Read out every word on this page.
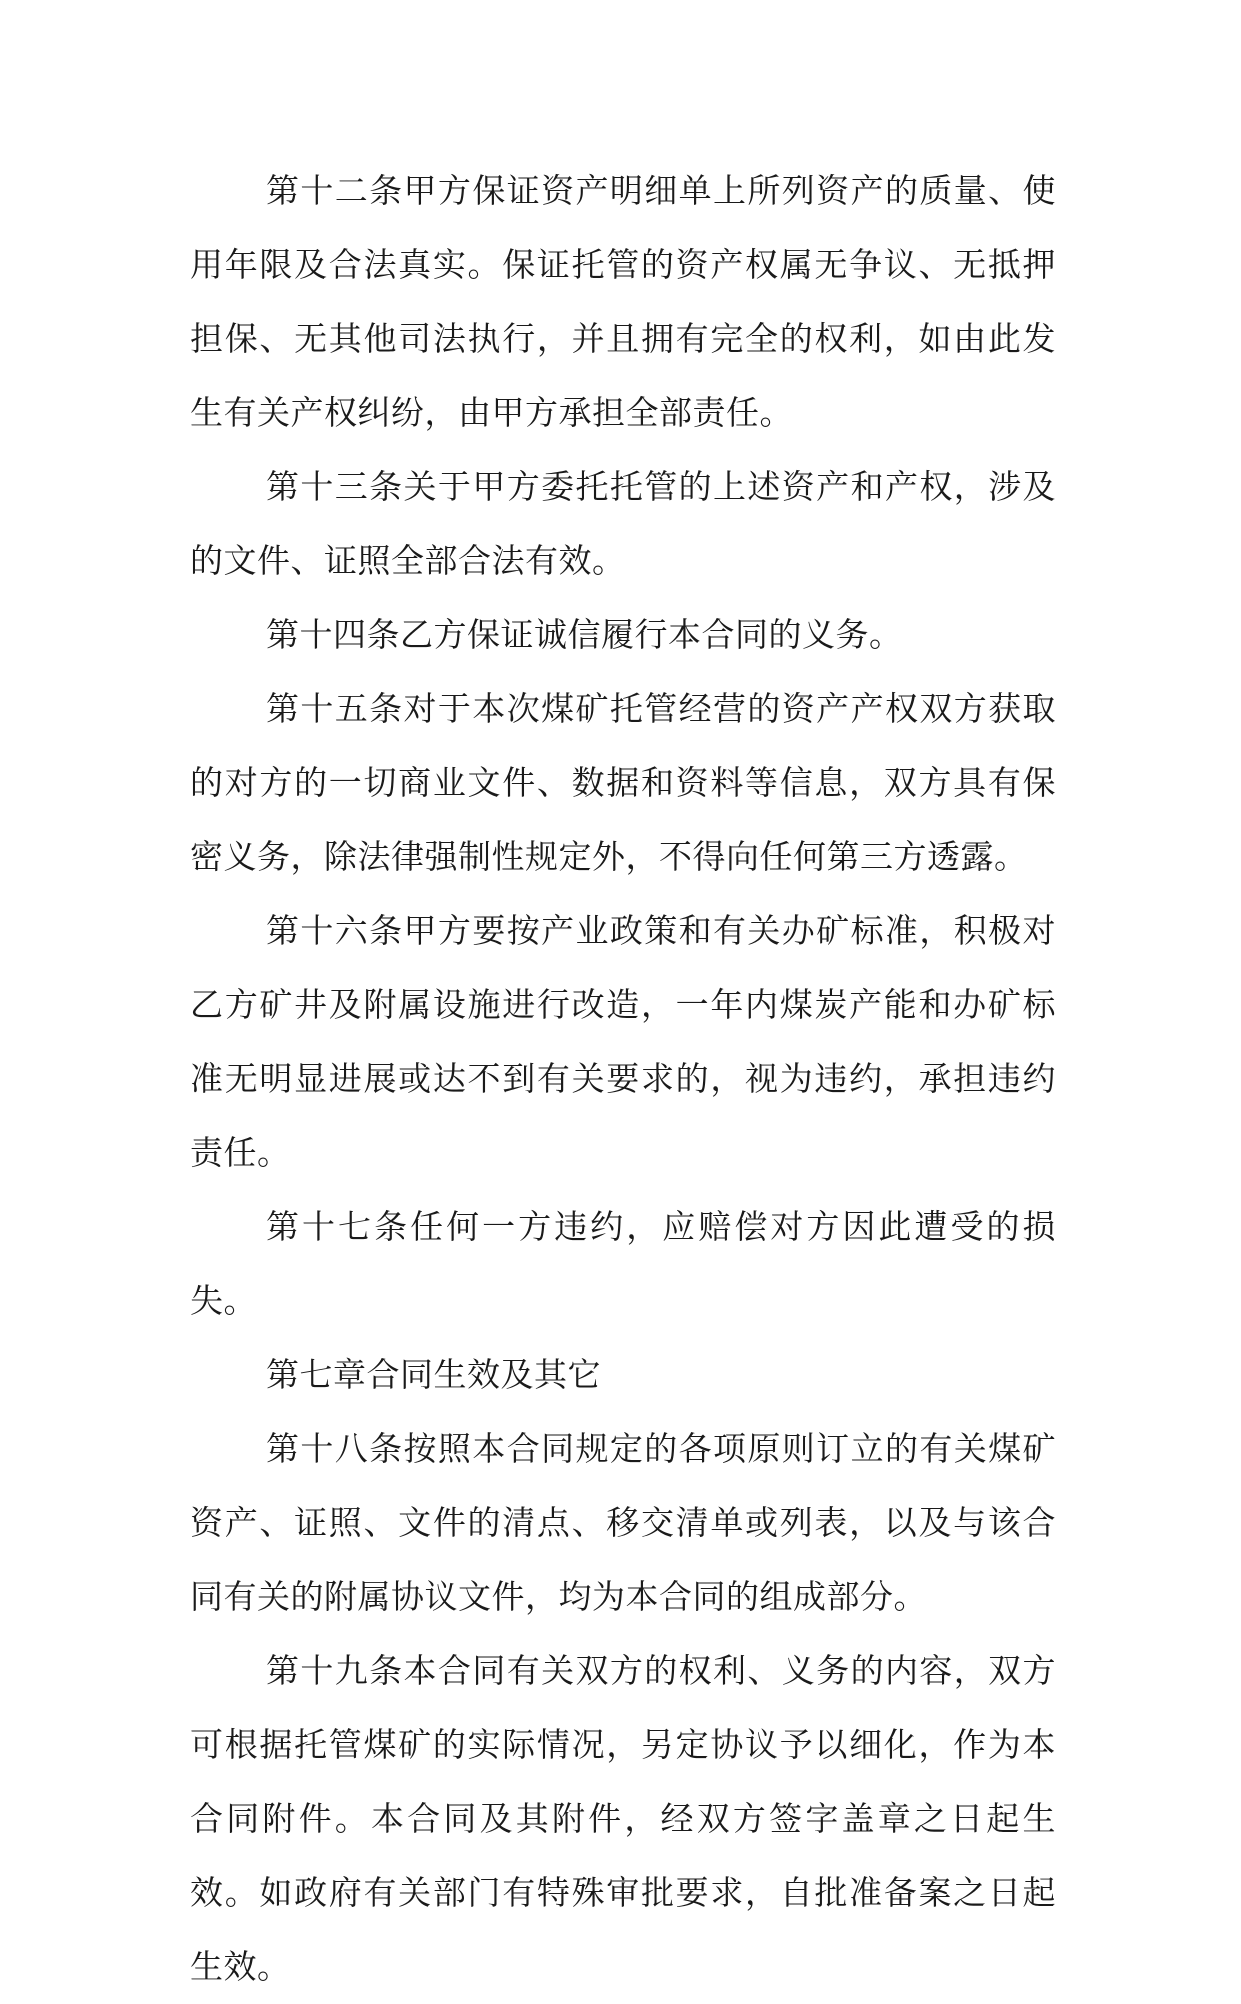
第十二条甲方保证资产明细单上所列资产的质量、使用年限及合法真实。保证托管的资产权属无争议、无抵押担保、无其他司法执行，并且拥有完全的权利，如由此发生有关产权纠纷，由甲方承担全部责任。

第十三条关于甲方委托托管的上述资产和产权，涉及的文件、证照全部合法有效。

第十四条乙方保证诚信履行本合同的义务。

第十五条对于本次煤矿托管经营的资产产权双方获取的对方的一切商业文件、数据和资料等信息，双方具有保密义务，除法律强制性规定外，不得向任何第三方透露。

第十六条甲方要按产业政策和有关办矿标准，积极对乙方矿井及附属设施进行改造，一年内煤炭产能和办矿标准无明显进展或达不到有关要求的，视为违约，承担违约责任。

第十七条任何一方违约，应赔偿对方因此遭受的损失。

第七章合同生效及其它

第十八条按照本合同规定的各项原则订立的有关煤矿资产、证照、文件的清点、移交清单或列表，以及与该合同有关的附属协议文件，均为本合同的组成部分。

第十九条本合同有关双方的权利、义务的内容，双方可根据托管煤矿的实际情况，另定协议予以细化，作为本合同附件。本合同及其附件，经双方签字盖章之日起生效。如政府有关部门有特殊审批要求，自批准备案之日起生效。
